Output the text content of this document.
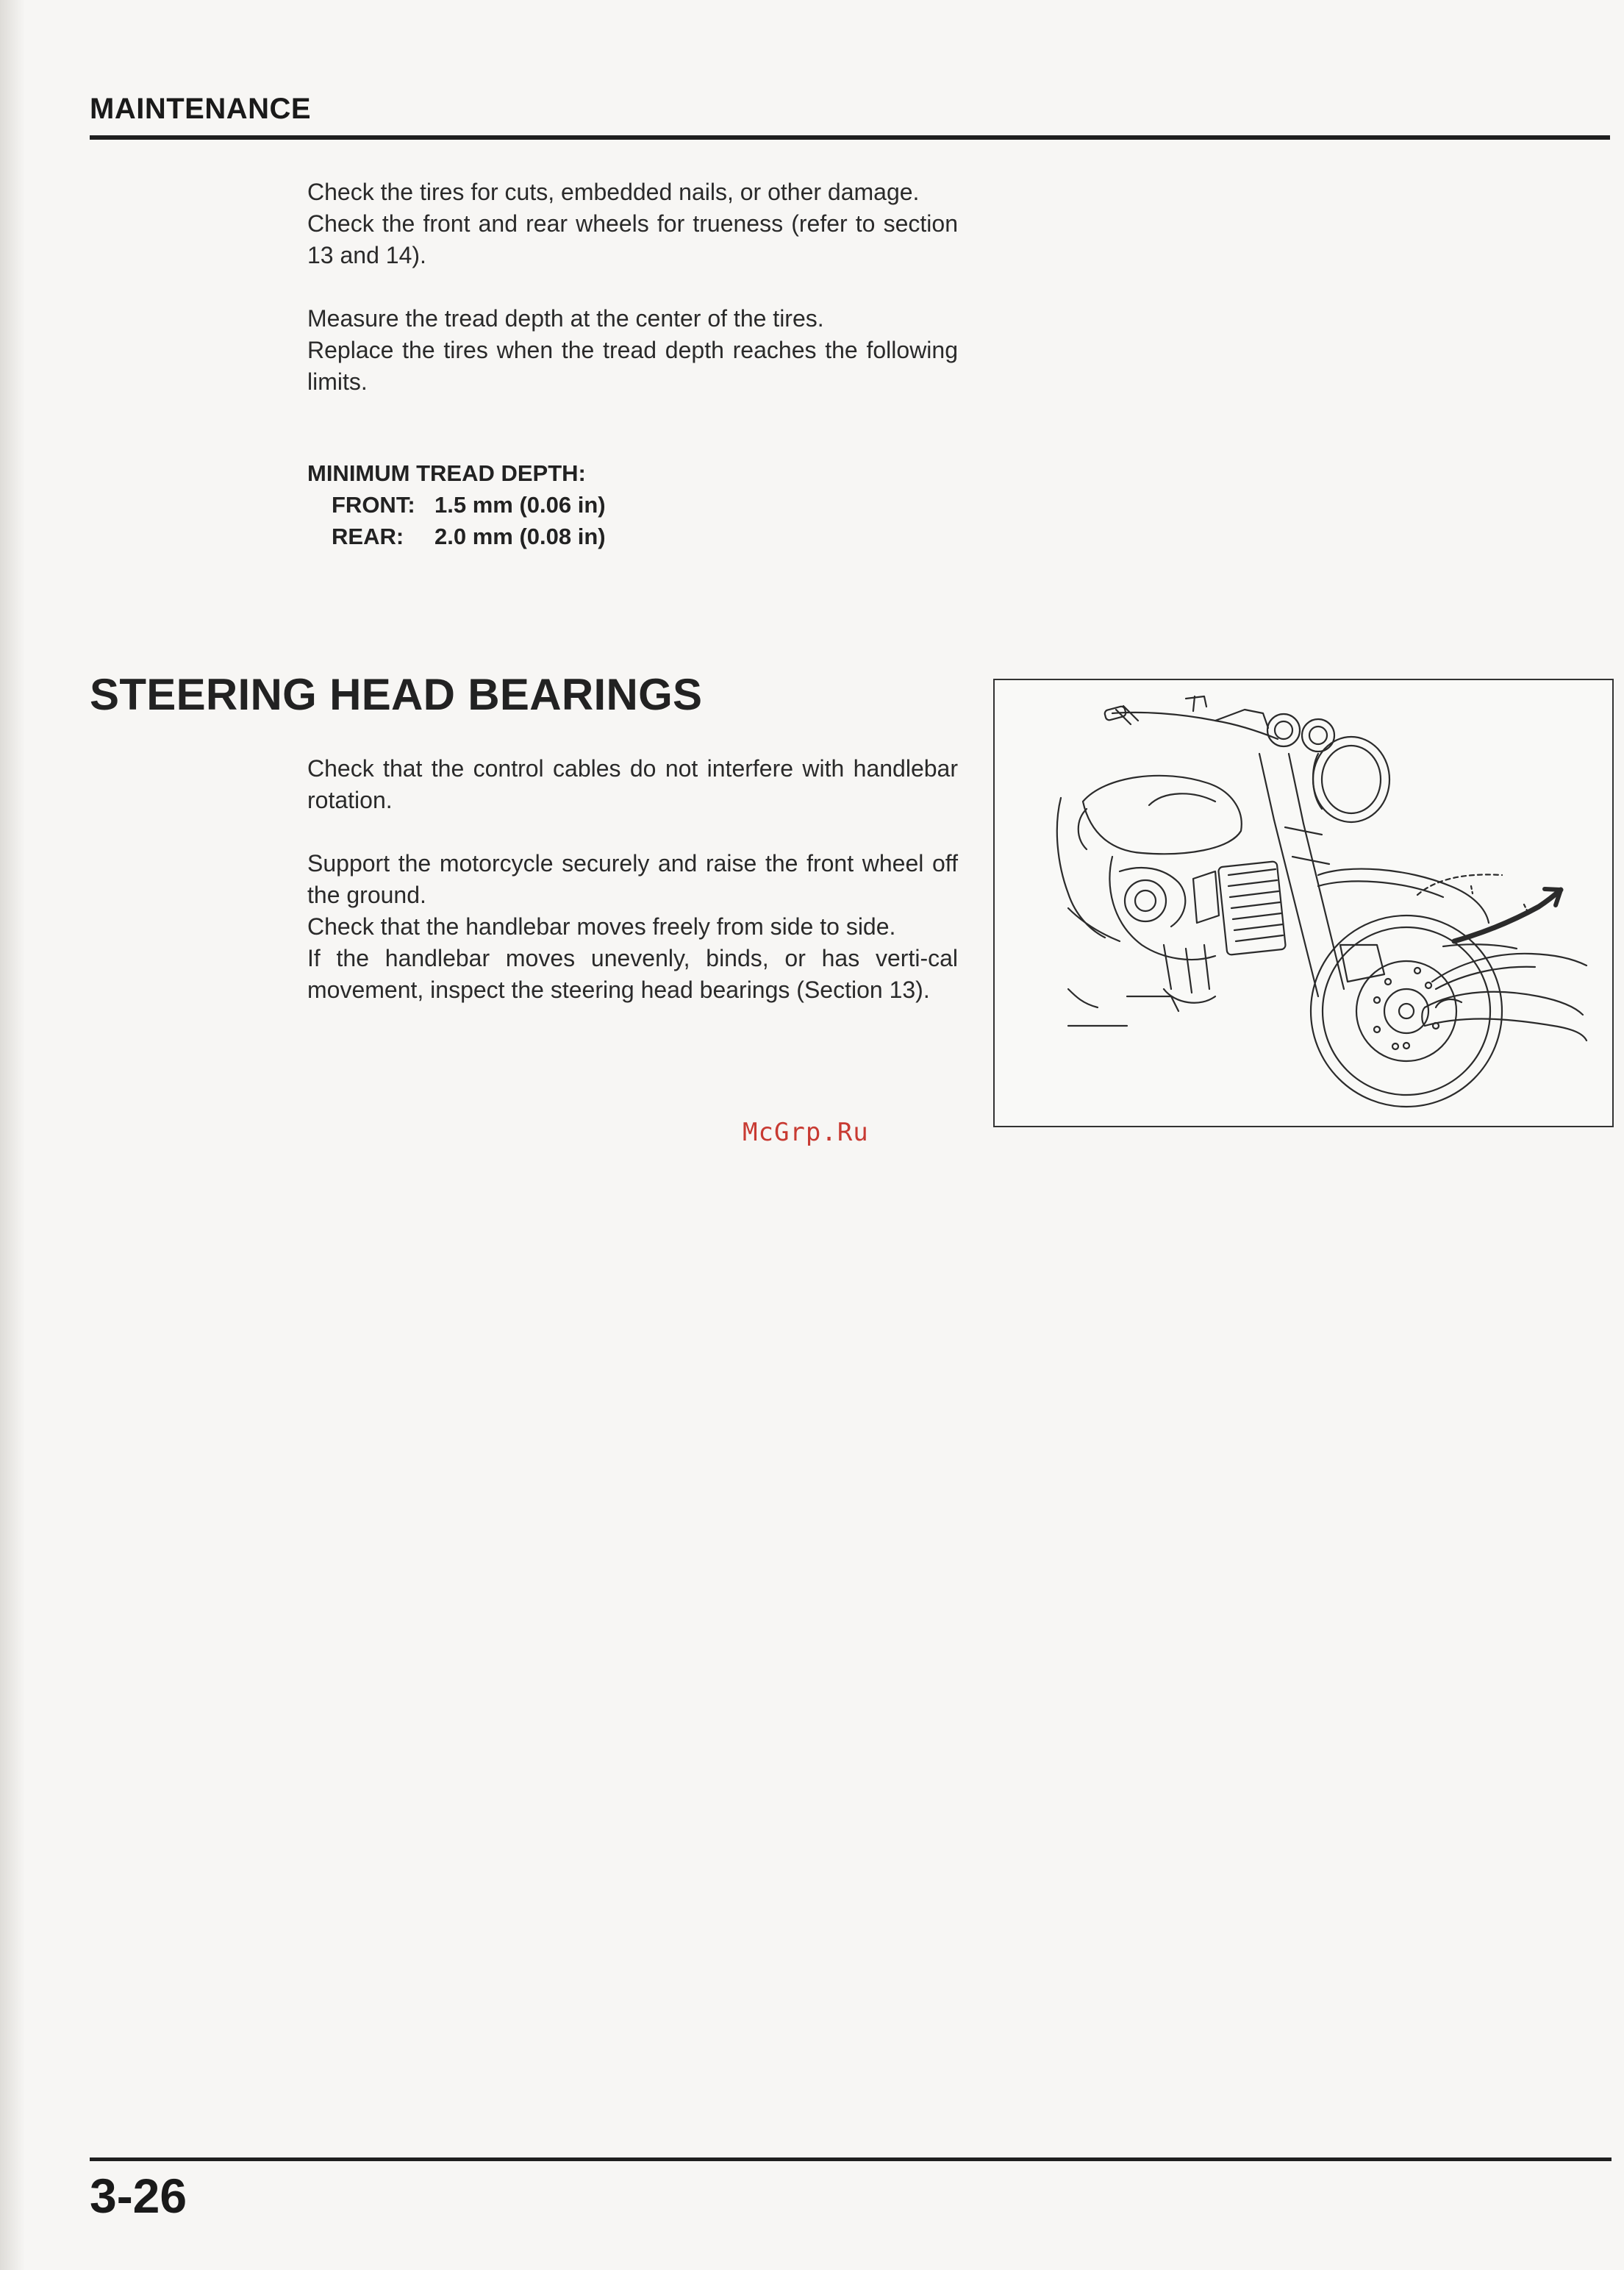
MAINTENANCE

Check the tires for cuts, embedded nails, or other damage.

Check the front and rear wheels for trueness (refer to section 13 and 14).

Measure the tread depth at the center of the tires.

Replace the tires when the tread depth reaches the following limits.

MINIMUM TREAD DEPTH:
FRONT: 1.5 mm (0.06 in)
REAR:	2.0 mm (0.08 in)
STEERING HEAD BEARINGS

Check that the control cables do not interfere with handlebar rotation.

Support the motorcycle securely and raise the front wheel off the ground.

Check that the handlebar moves freely from side to side.

If the handlebar moves unevenly, binds, or has verti-cal movement, inspect the steering head bearings (Section 13).

McGrp.Ru
3-26
